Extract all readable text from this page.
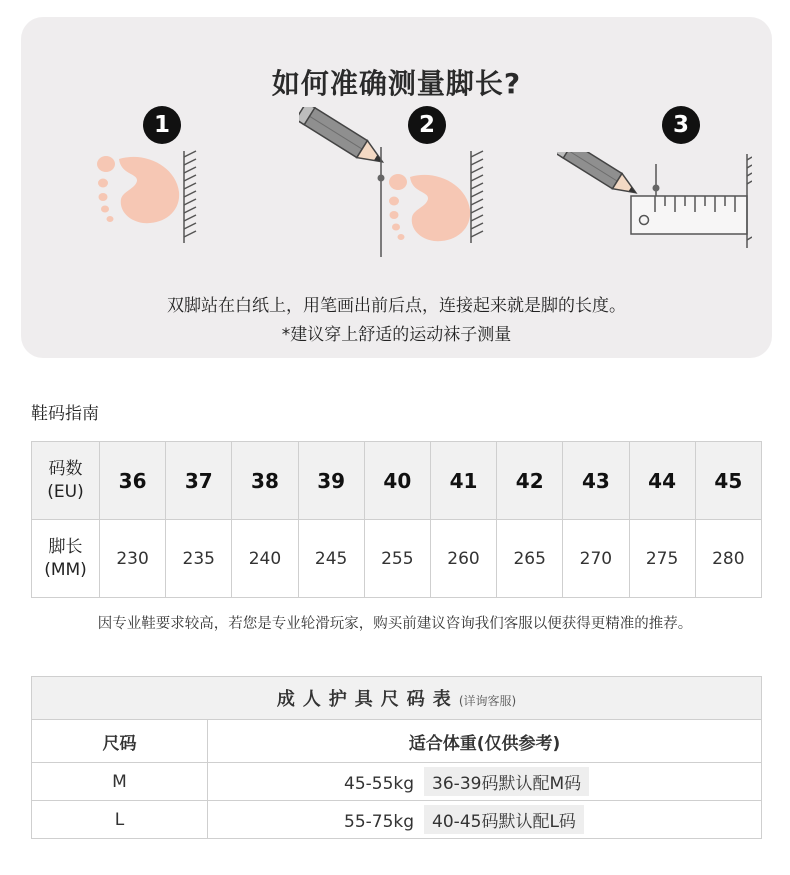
如何准确测量脚长?
1	2	3
双脚站在白纸上，用笔画出前后点，连接起来就是脚的长度。
*建议穿上舒适的运动袜子测量
鞋码指南
码数
(EU)	36	37	38	39	40	41	42	43	44	45

脚长
(MM)	230	235	240	245	255	260	265	270	275	280
因专业鞋要求较高，若您是专业轮滑玩家，购买前建议咨询我们客服以便获得更精准的推荐。
成人护具尺码表(详询客服)	
尺码	适合体重(仅供参考)
M	45-55kg 36-39码默认配M码
L	55-75kg 40-45码默认配L码
